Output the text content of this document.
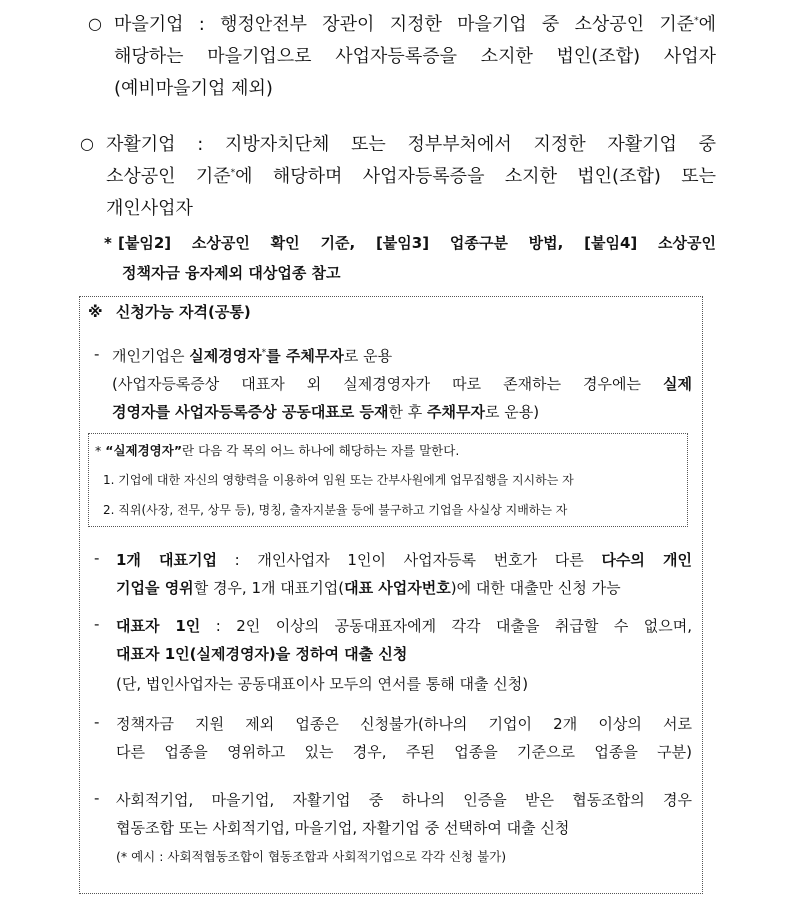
○ 마을기업 : 행정안전부 장관이 지정한 마을기업 중 소상공인 기준*에
해당하는 마을기업으로 사업자등록증을 소지한 법인(조합) 사업자
(예비마을기업 제외)
○ 자활기업 : 지방자치단체 또는 정부부처에서 지정한 자활기업 중
소상공인 기준*에 해당하며 사업자등록증을 소지한 법인(조합) 또는
개인사업자
* [붙임2] 소상공인 확인 기준, [붙임3] 업종구분 방법, [붙임4] 소상공인
정책자금 융자제외 대상업종 참고
※ 신청가능 자격(공통)
- 개인기업은 실제경영자*를 주체무자로 운용
(사업자등록증상 대표자 외 실제경영자가 따로 존재하는 경우에는 실제
경영자를 사업자등록증상 공동대표로 등재한 후 주채무자로 운용)
* “실제경영자”란 다음 각 목의 어느 하나에 해당하는 자를 말한다.
1. 기업에 대한 자신의 영향력을 이용하여 임원 또는 간부사원에게 업무집행을 지시하는 자
2. 직위(사장, 전무, 상무 등), 명칭, 출자지분율 등에 불구하고 기업을 사실상 지배하는 자
- 1개 대표기업 : 개인사업자 1인이 사업자등록 번호가 다른 다수의 개인
기업을 영위할 경우, 1개 대표기업(대표 사업자번호)에 대한 대출만 신청 가능
- 대표자 1인 : 2인 이상의 공동대표자에게 각각 대출을 취급할 수 없으며,
대표자 1인(실제경영자)을 정하여 대출 신청
(단, 법인사업자는 공동대표이사 모두의 연서를 통해 대출 신청)
- 정책자금 지원 제외 업종은 신청불가(하나의 기업이 2개 이상의 서로
다른 업종을 영위하고 있는 경우, 주된 업종을 기준으로 업종을 구분)
- 사회적기업, 마을기업, 자활기업 중 하나의 인증을 받은 협동조합의 경우
협동조합 또는 사회적기업, 마을기업, 자활기업 중 선택하여 대출 신청
(* 예시 : 사회적협동조합이 협동조합과 사회적기업으로 각각 신청 불가)
